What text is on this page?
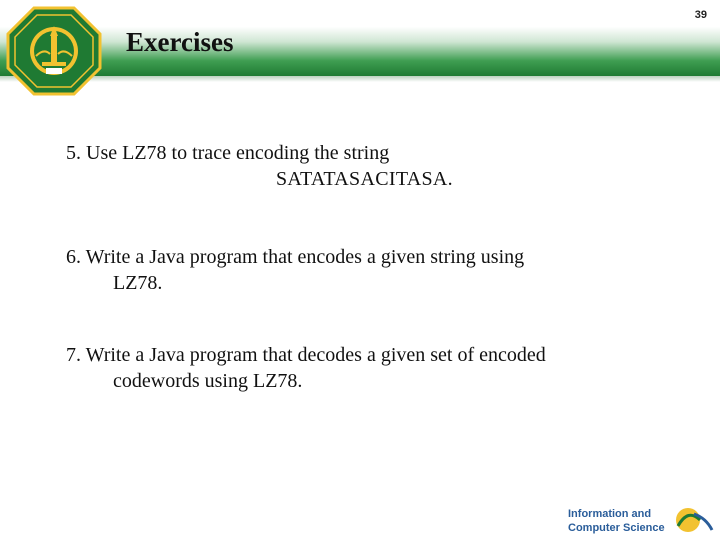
Exercises
39

5. Use LZ78 to trace encoding the string
SATATASACITASA.

6. Write a Java program that encodes a given string using
LZ78.

7. Write a Java program that decodes a given set of encoded
codewords using LZ78.

Information and
Computer Science
